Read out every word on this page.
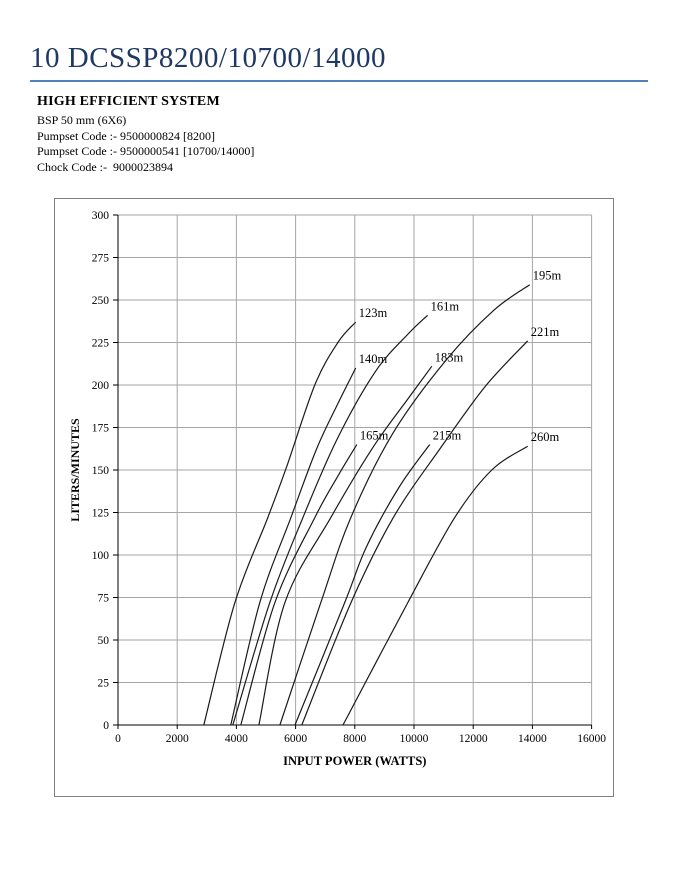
10 DCSSP8200/10700/14000
HIGH EFFICIENT SYSTEM
BSP 50 mm (6X6)
Pumpset Code :- 9500000824 [8200]
Pumpset Code :- 9500000541 [10700/14000]
Chock Code :-  9000023894
0	2000	4000	6000	8000	10000	12000	14000	16000
0
25
50
75
100
125
150
175
200
225
250
275
300
INPUT POWER (WATTS)
LITERS/MINUTES
123m
140m
161m
165m
183m
195m
215m
221m
260m
